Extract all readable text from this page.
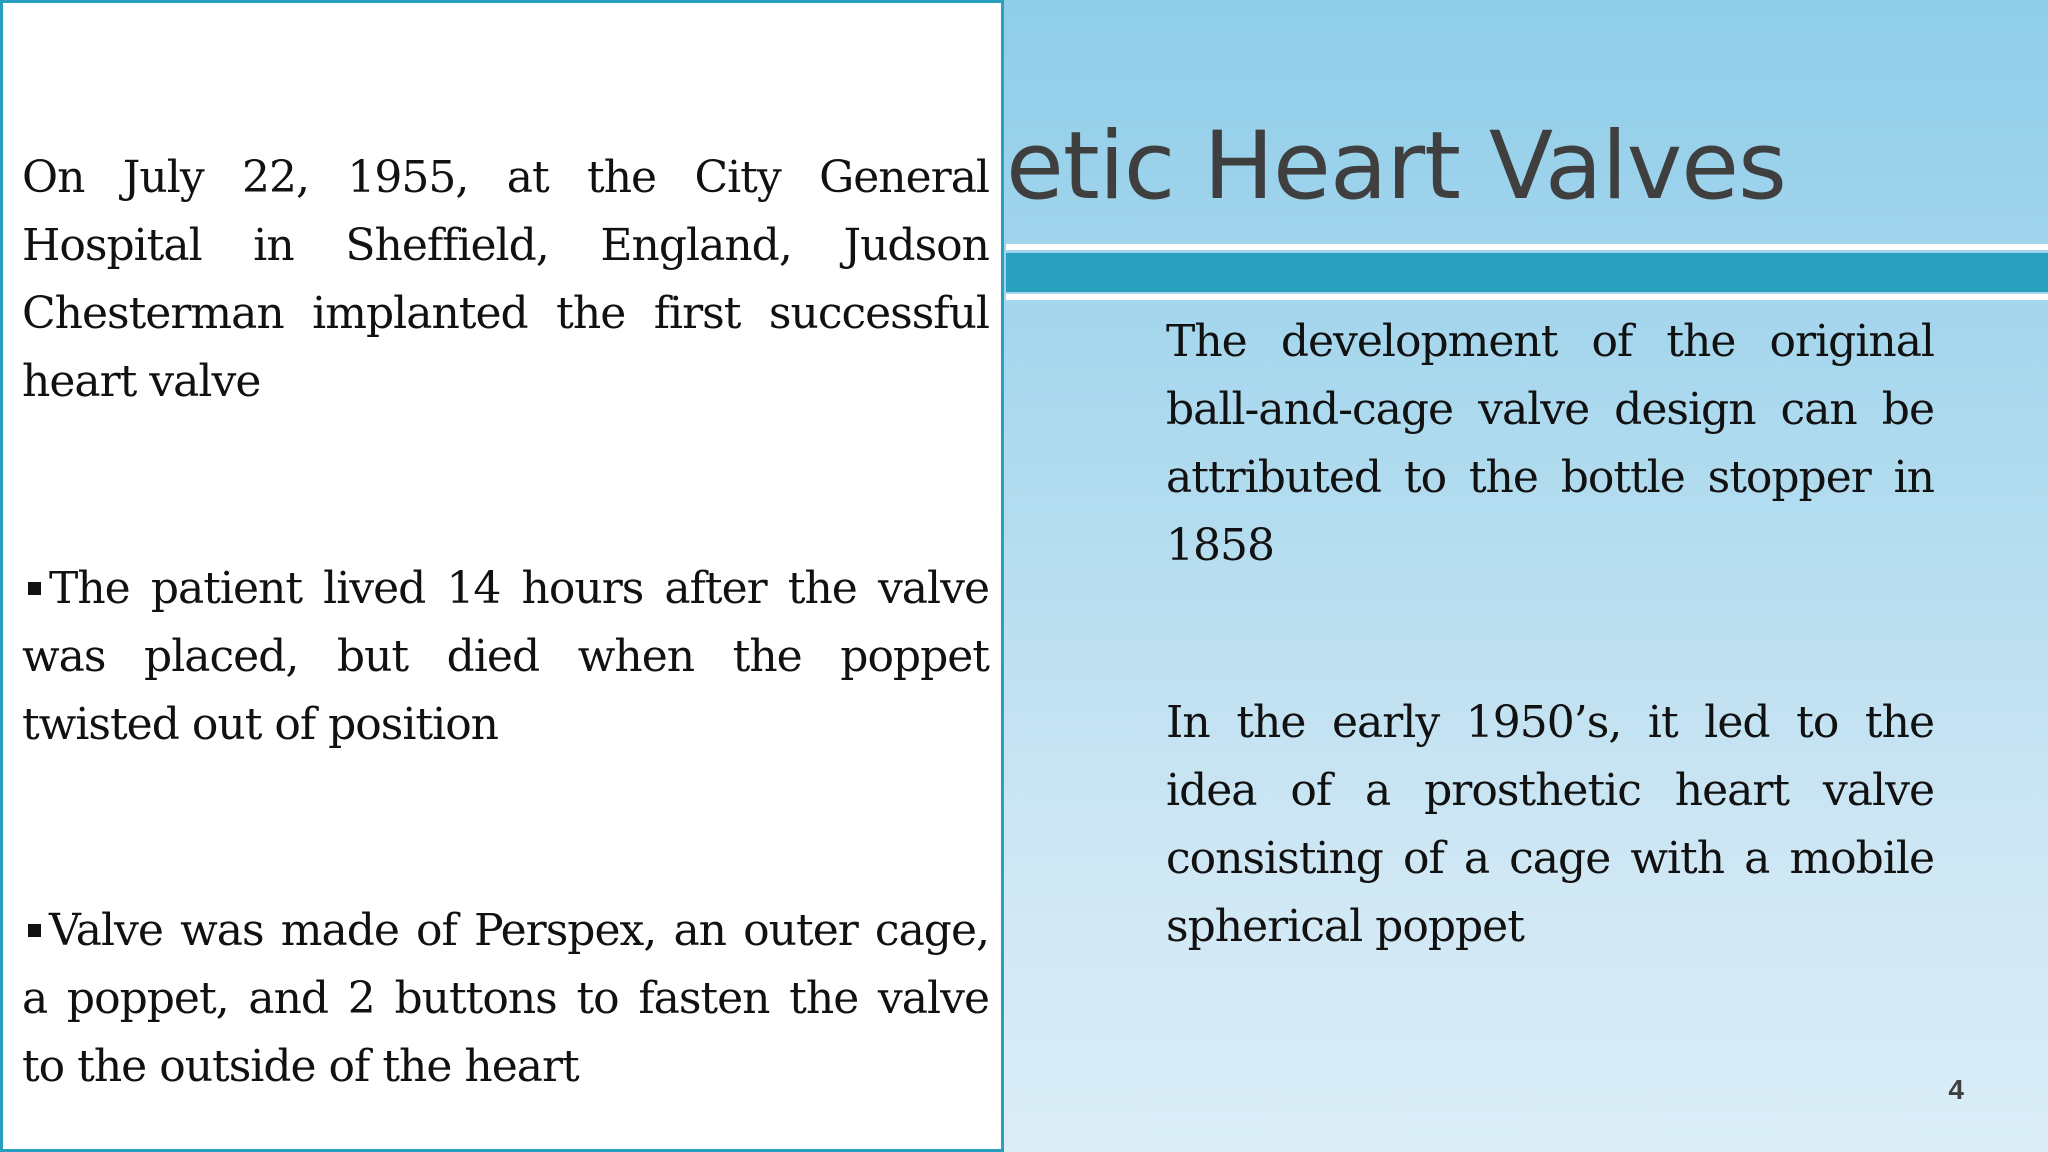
etic Heart Valves

The development of the original ball-and-cage valve design can be attributed to the bottle stopper in 1858

In the early 1950’s, it led to the idea of a prosthetic heart valve consisting of a cage with a mobile spherical poppet

On July 22, 1955, at the City General Hospital in Sheffield, England, Judson Chesterman implanted the first successful heart valve

The patient lived 14 hours after the valve was placed, but died when the poppet twisted out of position

Valve was made of Perspex, an outer cage, a poppet, and 2 buttons to fasten the valve to the outside of the heart	4
